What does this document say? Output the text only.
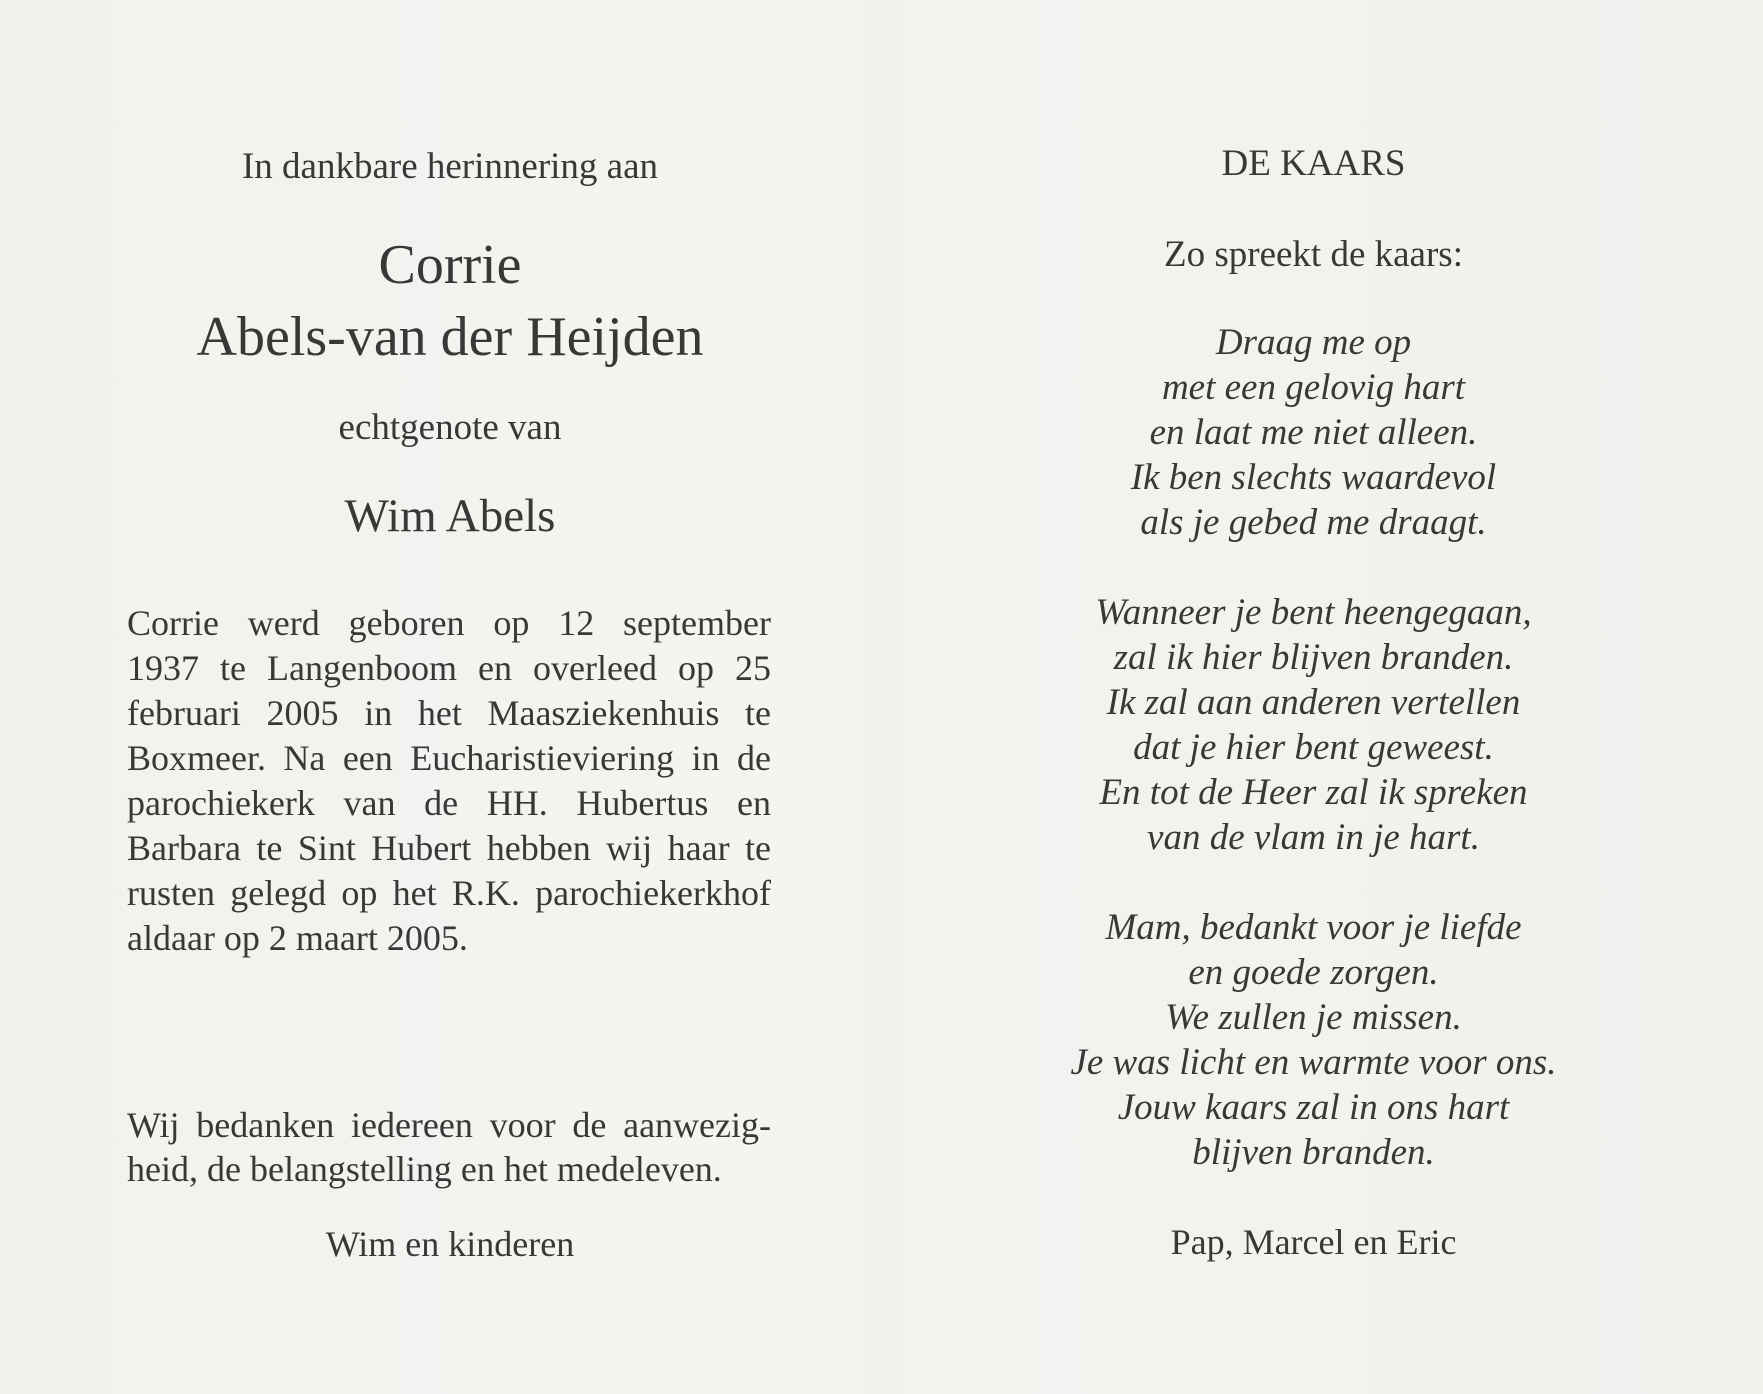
In dankbare herinnering aan
Corrie
Abels-van der Heijden
echtgenote van
Wim Abels
Corrie werd geboren op 12 september
1937 te Langenboom en overleed op 25
februari 2005 in het Maasziekenhuis te
Boxmeer. Na een Eucharistieviering in de
parochiekerk van de HH. Hubertus en
Barbara te Sint Hubert hebben wij haar te
rusten gelegd op het R.K. parochiekerkhof
aldaar op 2 maart 2005.
Wij bedanken iedereen voor de aanwezig-
heid, de belangstelling en het medeleven.
Wim en kinderen
DE KAARS
Zo spreekt de kaars:
Draag me op
met een gelovig hart
en laat me niet alleen.
Ik ben slechts waardevol
als je gebed me draagt.
Wanneer je bent heengegaan,
zal ik hier blijven branden.
Ik zal aan anderen vertellen
dat je hier bent geweest.
En tot de Heer zal ik spreken
van de vlam in je hart.
Mam, bedankt voor je liefde
en goede zorgen.
We zullen je missen.
Je was licht en warmte voor ons.
Jouw kaars zal in ons hart
blijven branden.
Pap, Marcel en Eric
